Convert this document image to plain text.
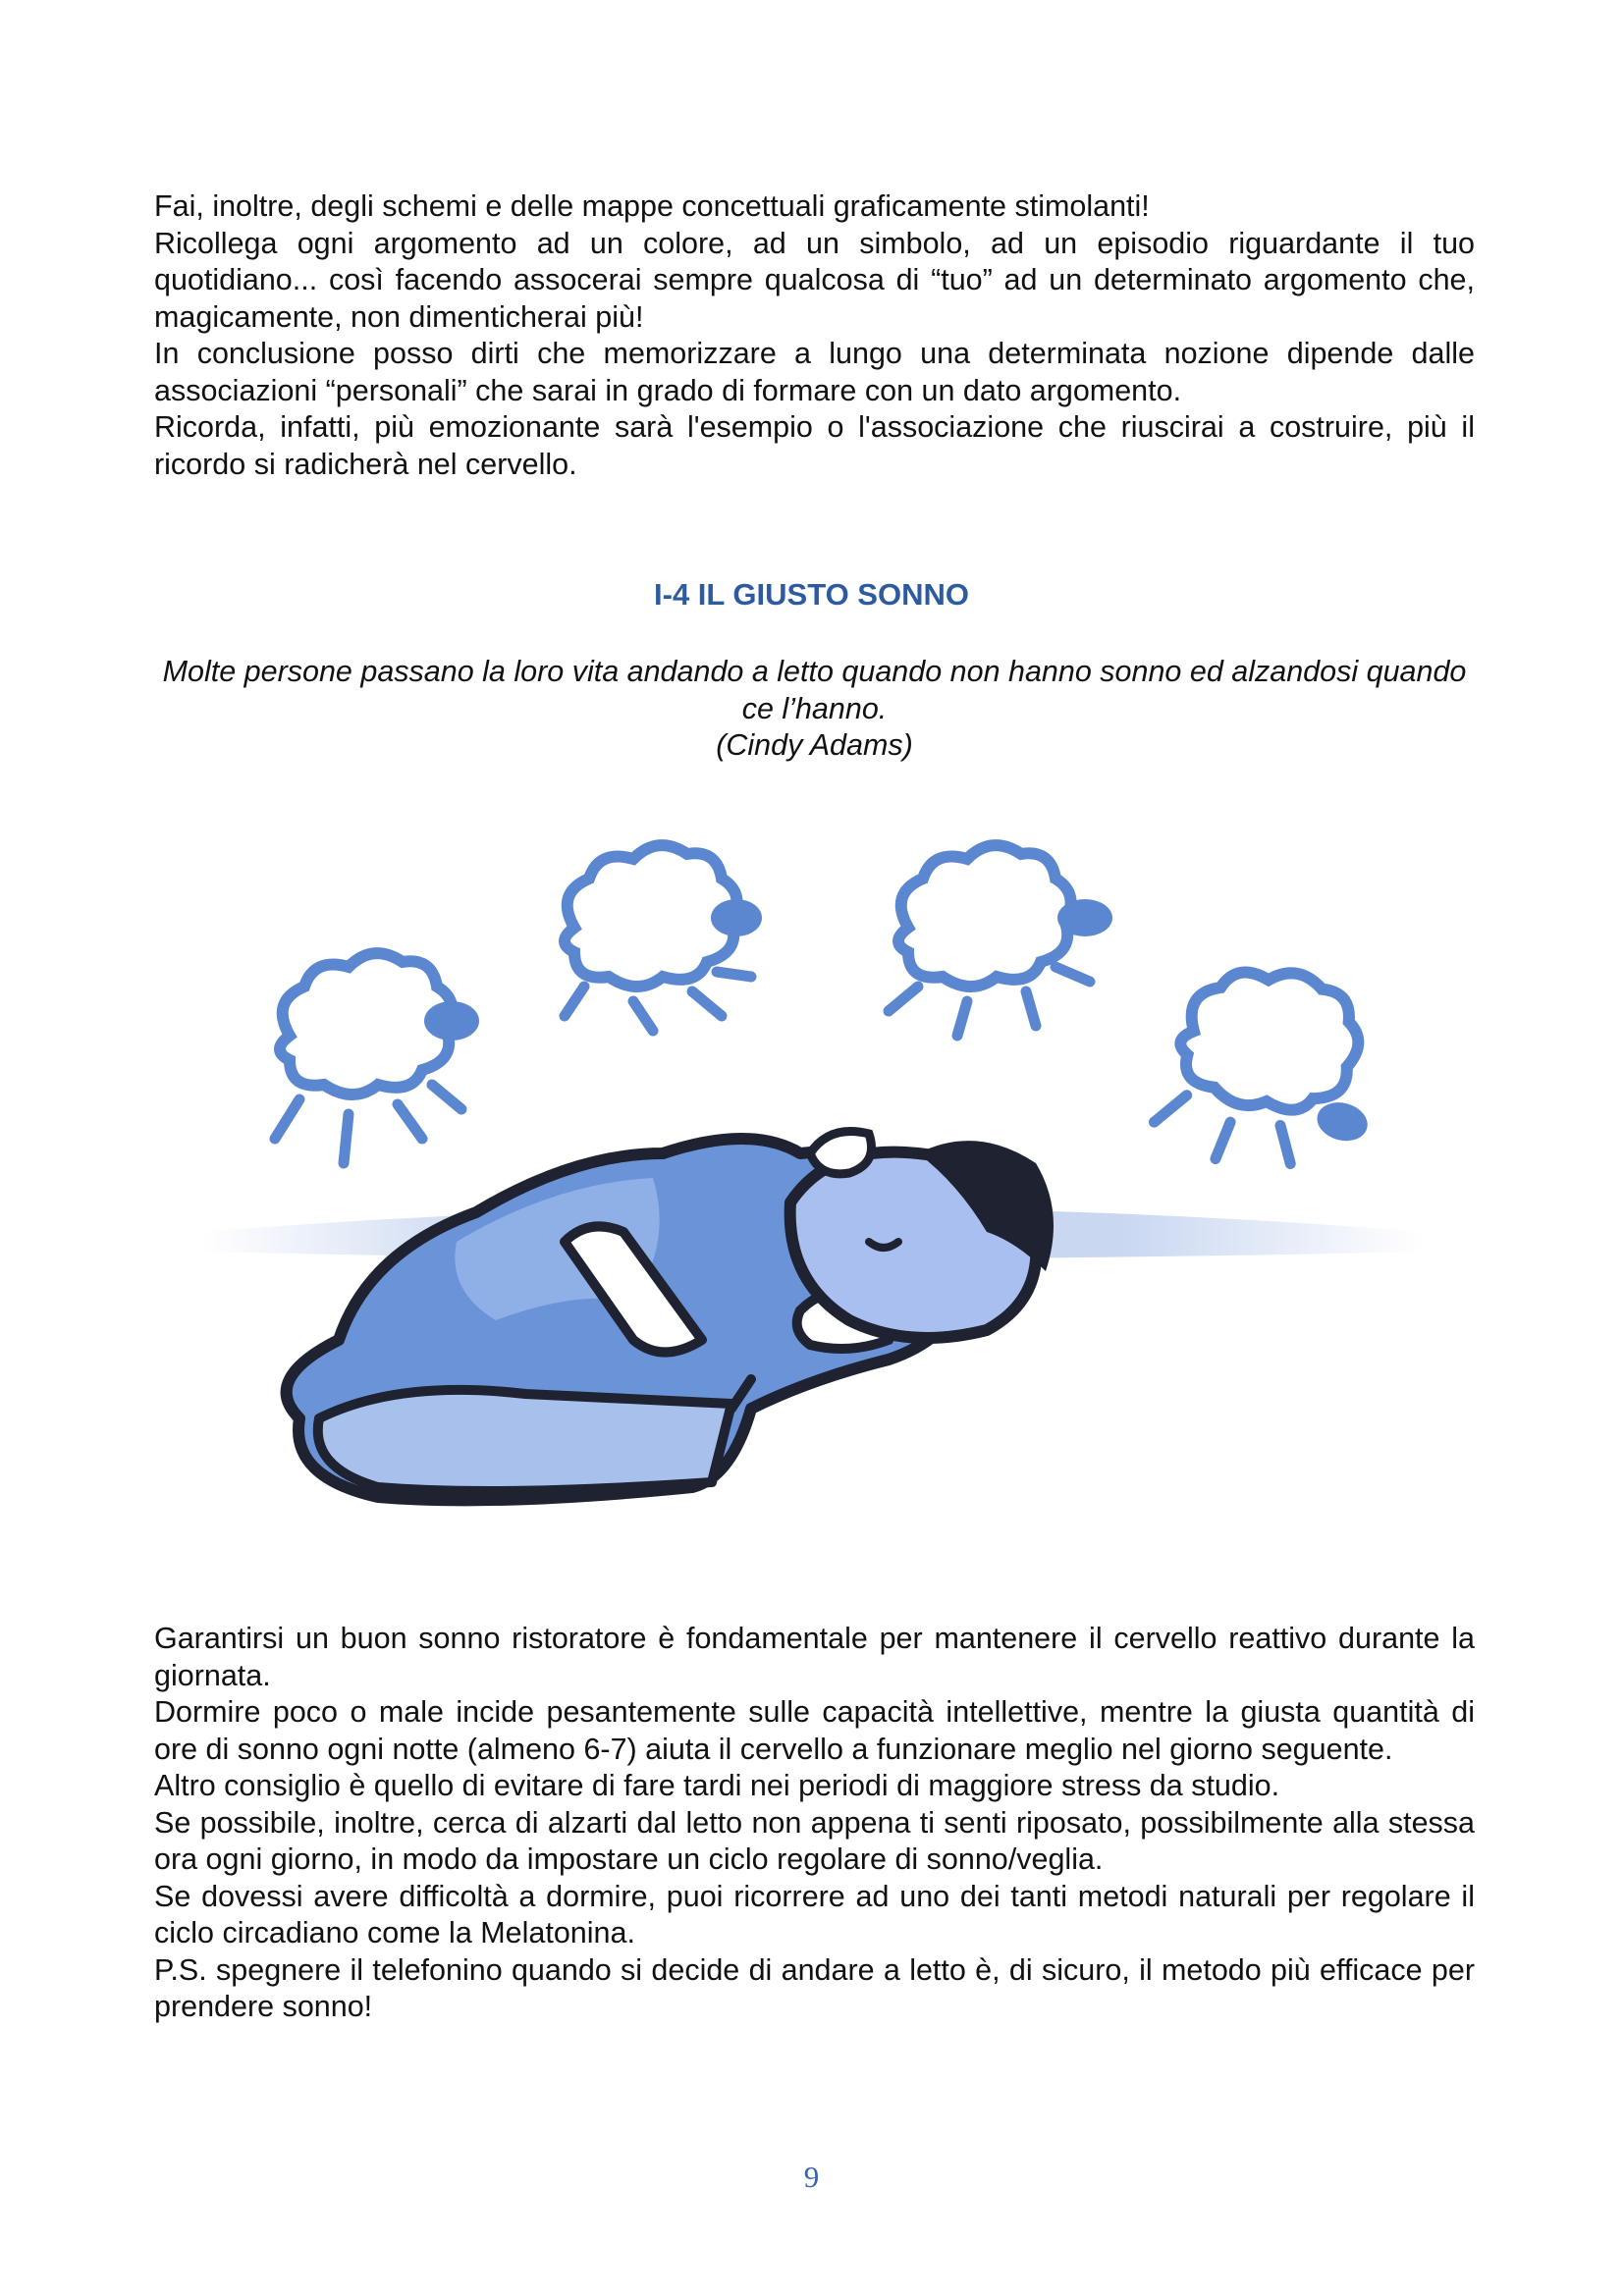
Fai, inoltre, degli schemi e delle mappe concettuali graficamente stimolanti!

Ricollega ogni argomento ad un colore, ad un simbolo, ad un episodio riguardante il tuo quotidiano... così facendo assocerai sempre qualcosa di “tuo” ad un determinato argomento che, magicamente, non dimenticherai più!

In conclusione posso dirti che memorizzare a lungo una determinata nozione dipende dalle associazioni “personali” che sarai in grado di formare con un dato argomento.

Ricorda, infatti, più emozionante sarà l'esempio o l'associazione che riuscirai a costruire, più il ricordo si radicherà nel cervello.

I-4 IL GIUSTO SONNO

Molte persone passano la loro vita andando a letto quando non hanno sonno ed alzandosi quando ce l’hanno.

(Cindy Adams)

Garantirsi un buon sonno ristoratore è fondamentale per mantenere il cervello reattivo durante la giornata.

Dormire poco o male incide pesantemente sulle capacità intellettive, mentre la giusta quantità di ore di sonno ogni notte (almeno 6-7) aiuta il cervello a funzionare meglio nel giorno seguente.

Altro consiglio è quello di evitare di fare tardi nei periodi di maggiore stress da studio.

Se possibile, inoltre, cerca di alzarti dal letto non appena ti senti riposato, possibilmente alla stessa ora ogni giorno, in modo da impostare un ciclo regolare di sonno/veglia.

Se dovessi avere difficoltà a dormire, puoi ricorrere ad uno dei tanti metodi naturali per regolare il ciclo circadiano come la Melatonina.

P.S. spegnere il telefonino quando si decide di andare a letto è, di sicuro, il metodo più efficace per prendere sonno!

9
